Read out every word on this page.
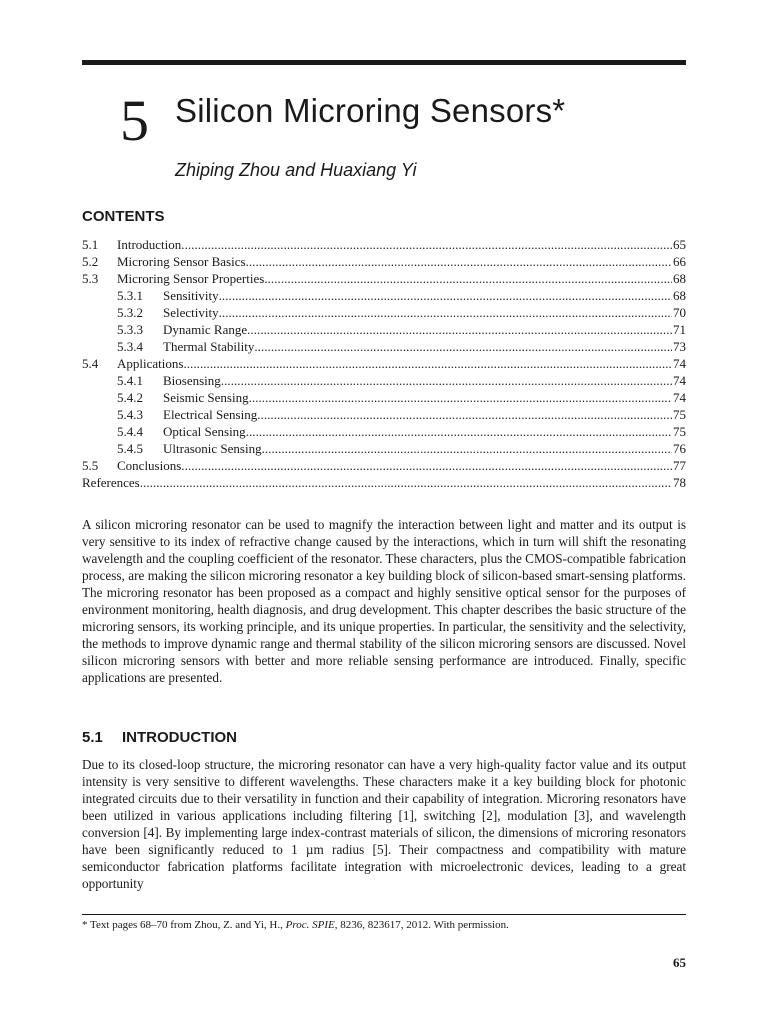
5 Silicon Microring Sensors*
Zhiping Zhou and Huaxiang Yi
CONTENTS
5.1	Introduction . . .	65
5.2	Microring Sensor Basics . . .	66
5.3	Microring Sensor Properties . . .	68
5.3.1	Sensitivity . . .	68
5.3.2	Selectivity . . .	70
5.3.3	Dynamic Range . . .	71
5.3.4	Thermal Stability . . .	73
5.4	Applications . . .	74
5.4.1	Biosensing . . .	74
5.4.2	Seismic Sensing . . .	74
5.4.3	Electrical Sensing . . .	75
5.4.4	Optical Sensing . . .	75
5.4.5	Ultrasonic Sensing . . .	76
5.5	Conclusions . . .	77
References . . .	78

A silicon microring resonator can be used to magnify the interaction between light and matter and its output is very sensitive to its index of refractive change caused by the interactions, which in turn will shift the resonating wavelength and the coupling coefficient of the resonator. These characters, plus the CMOS-compatible fabrication process, are making the silicon microring resonator a key building block of silicon-based smart-sensing platforms. The microring resonator has been proposed as a compact and highly sensitive optical sensor for the purposes of environment monitoring, health diagnosis, and drug development. This chapter describes the basic structure of the microring sensors, its working principle, and its unique properties. In particular, the sensitivity and the selectivity, the methods to improve dynamic range and thermal stability of the silicon microring sensors are discussed. Novel silicon microring sensors with better and more reliable sensing performance are introduced. Finally, specific applications are presented.

5.1 INTRODUCTION

Due to its closed-loop structure, the microring resonator can have a very high-quality factor value and its output intensity is very sensitive to different wavelengths. These characters make it a key building block for photonic integrated circuits due to their versatility in function and their capability of integration. Microring resonators have been utilized in various applications including filtering [1], switching [2], modulation [3], and wavelength conversion [4]. By implementing large index-contrast materials of silicon, the dimensions of microring resonators have been significantly reduced to 1 µm radius [5]. Their compactness and compatibility with mature semiconductor fabrication platforms facilitate integration with microelectronic devices, leading to a great opportunity

* Text pages 68–70 from Zhou, Z. and Yi, H., Proc. SPIE, 8236, 823617, 2012. With permission.
65
